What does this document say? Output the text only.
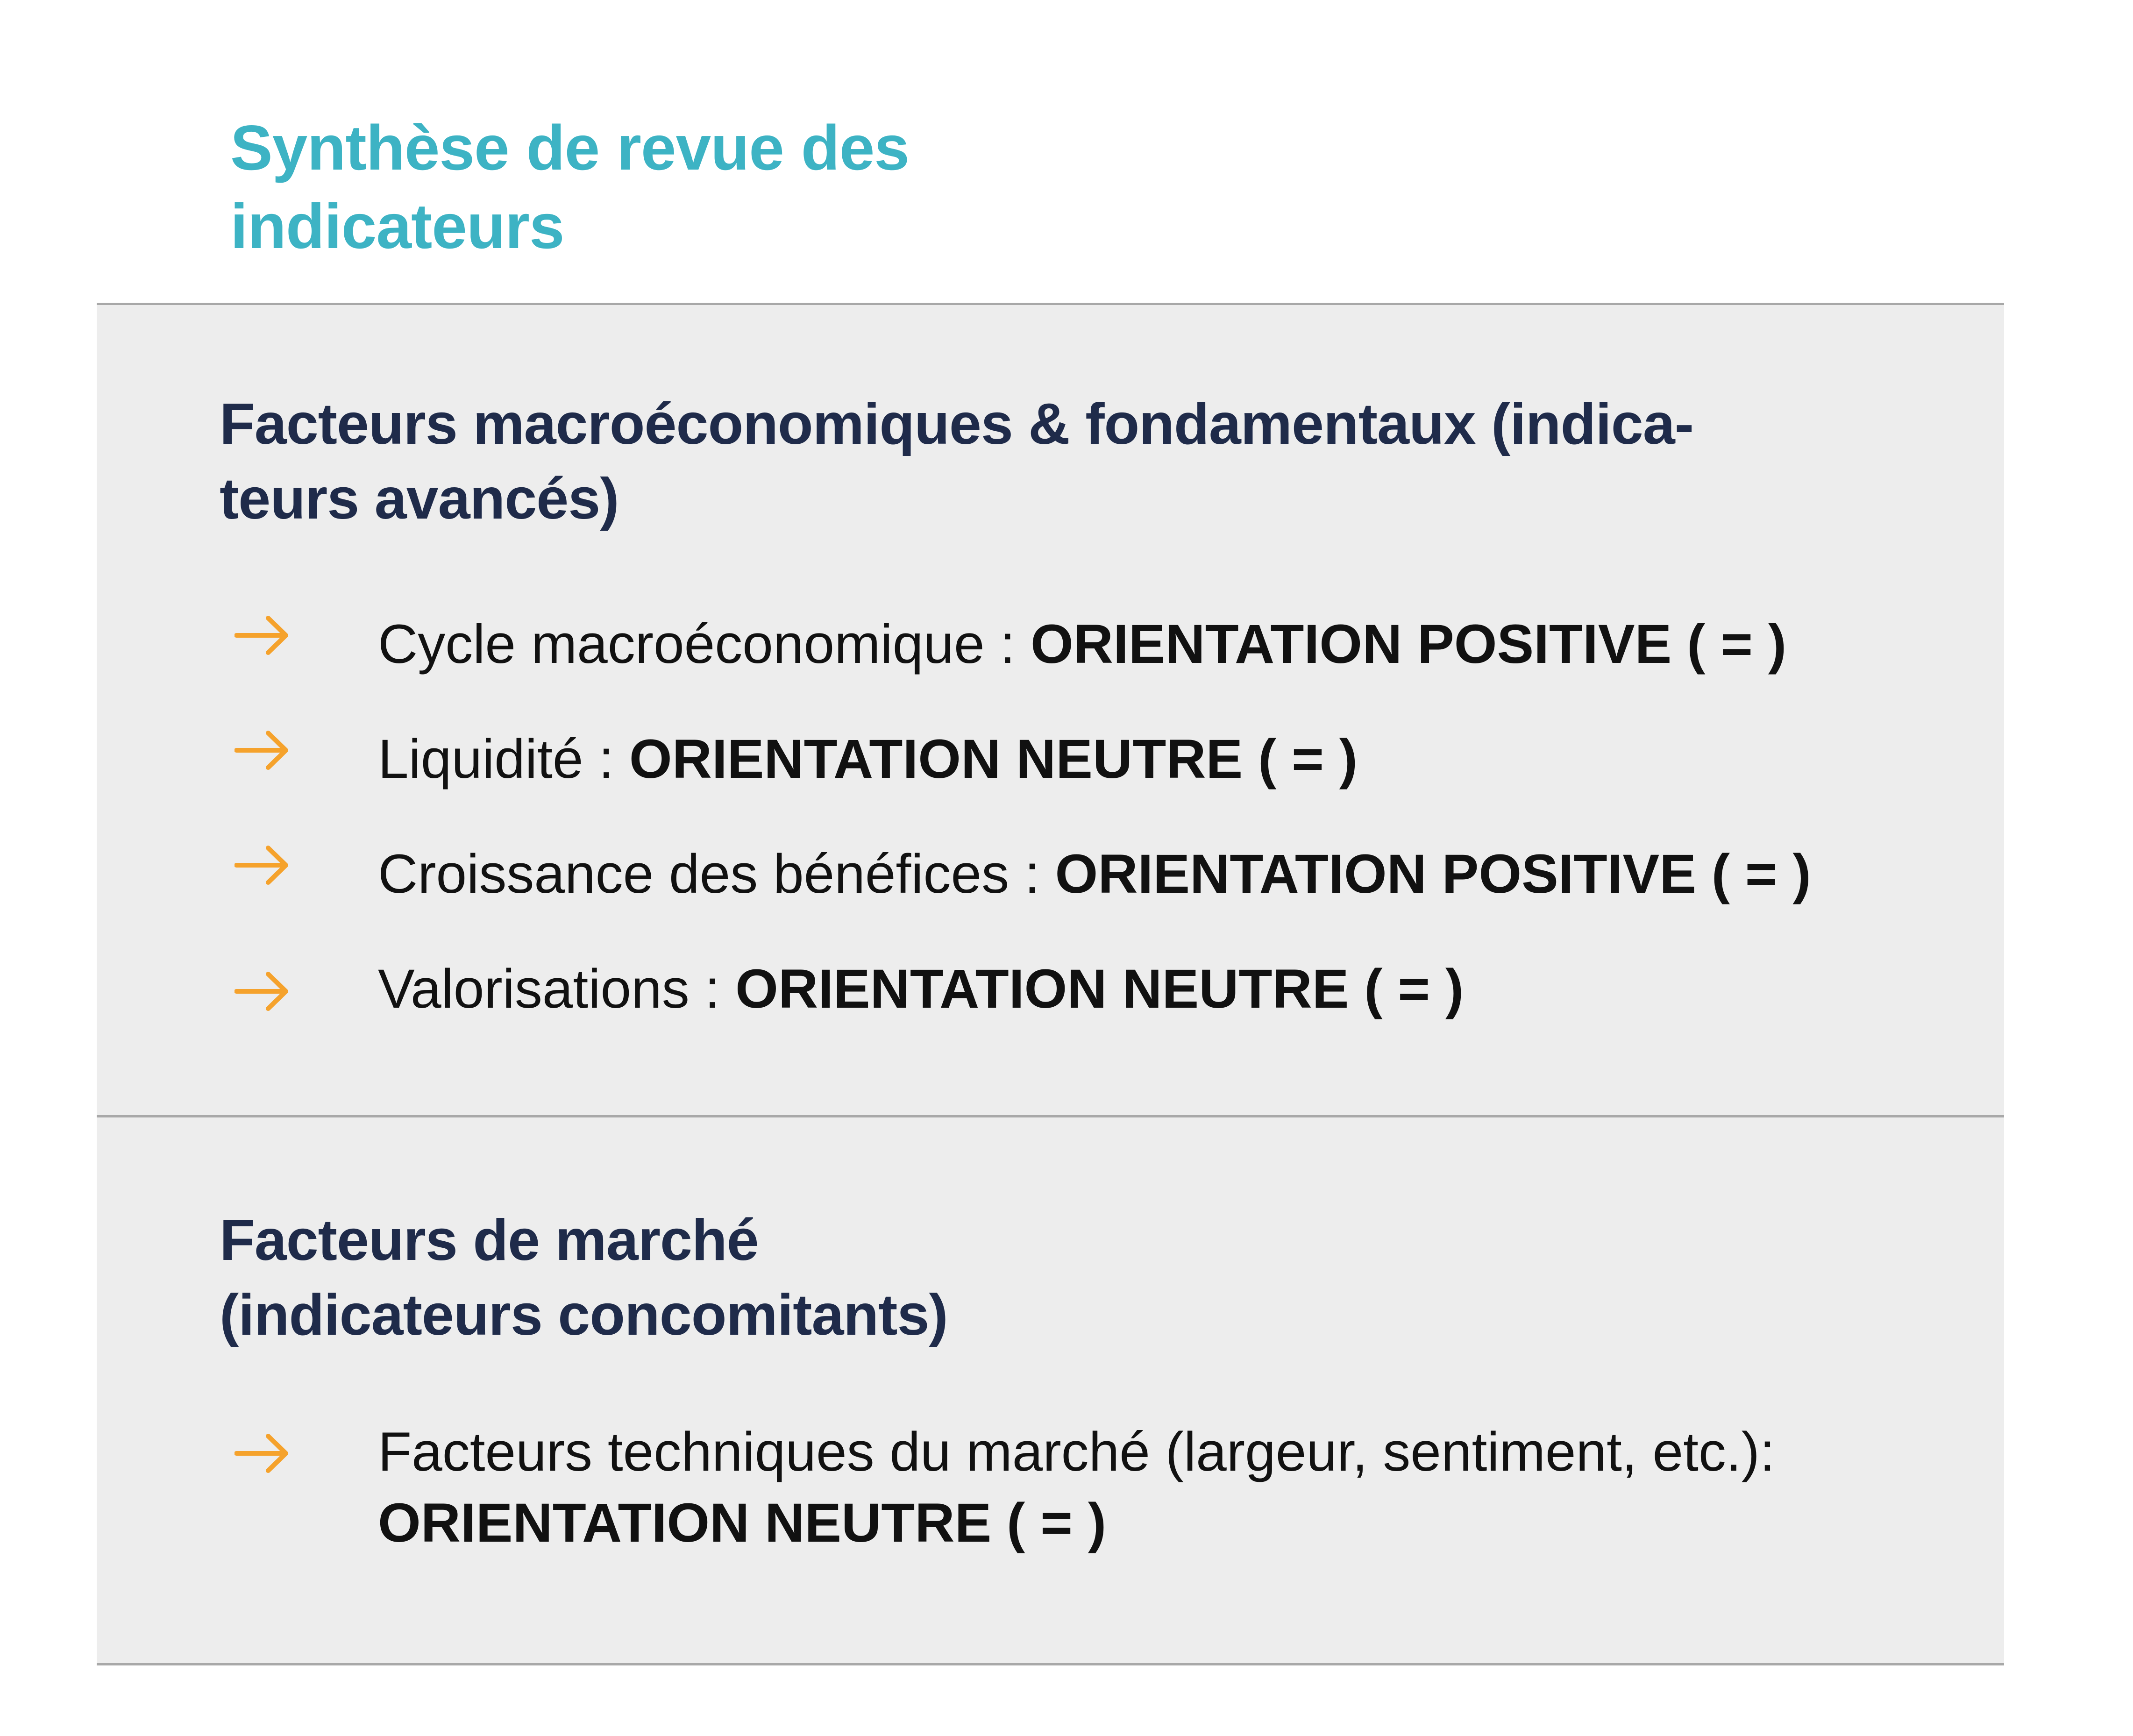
Synthèse de revue des
indicateurs
Facteurs macroéconomiques & fondamentaux (indica-
teurs avancés)

Cycle macroéconomique : ORIENTATION POSITIVE ( = )

Liquidité : ORIENTATION NEUTRE ( = )

Croissance des bénéfices : ORIENTATION POSITIVE ( = )

Valorisations : ORIENTATION NEUTRE ( = )

Facteurs de marché
(indicateurs concomitants)

Facteurs techniques du marché (largeur, sentiment, etc.):
ORIENTATION NEUTRE ( = )
